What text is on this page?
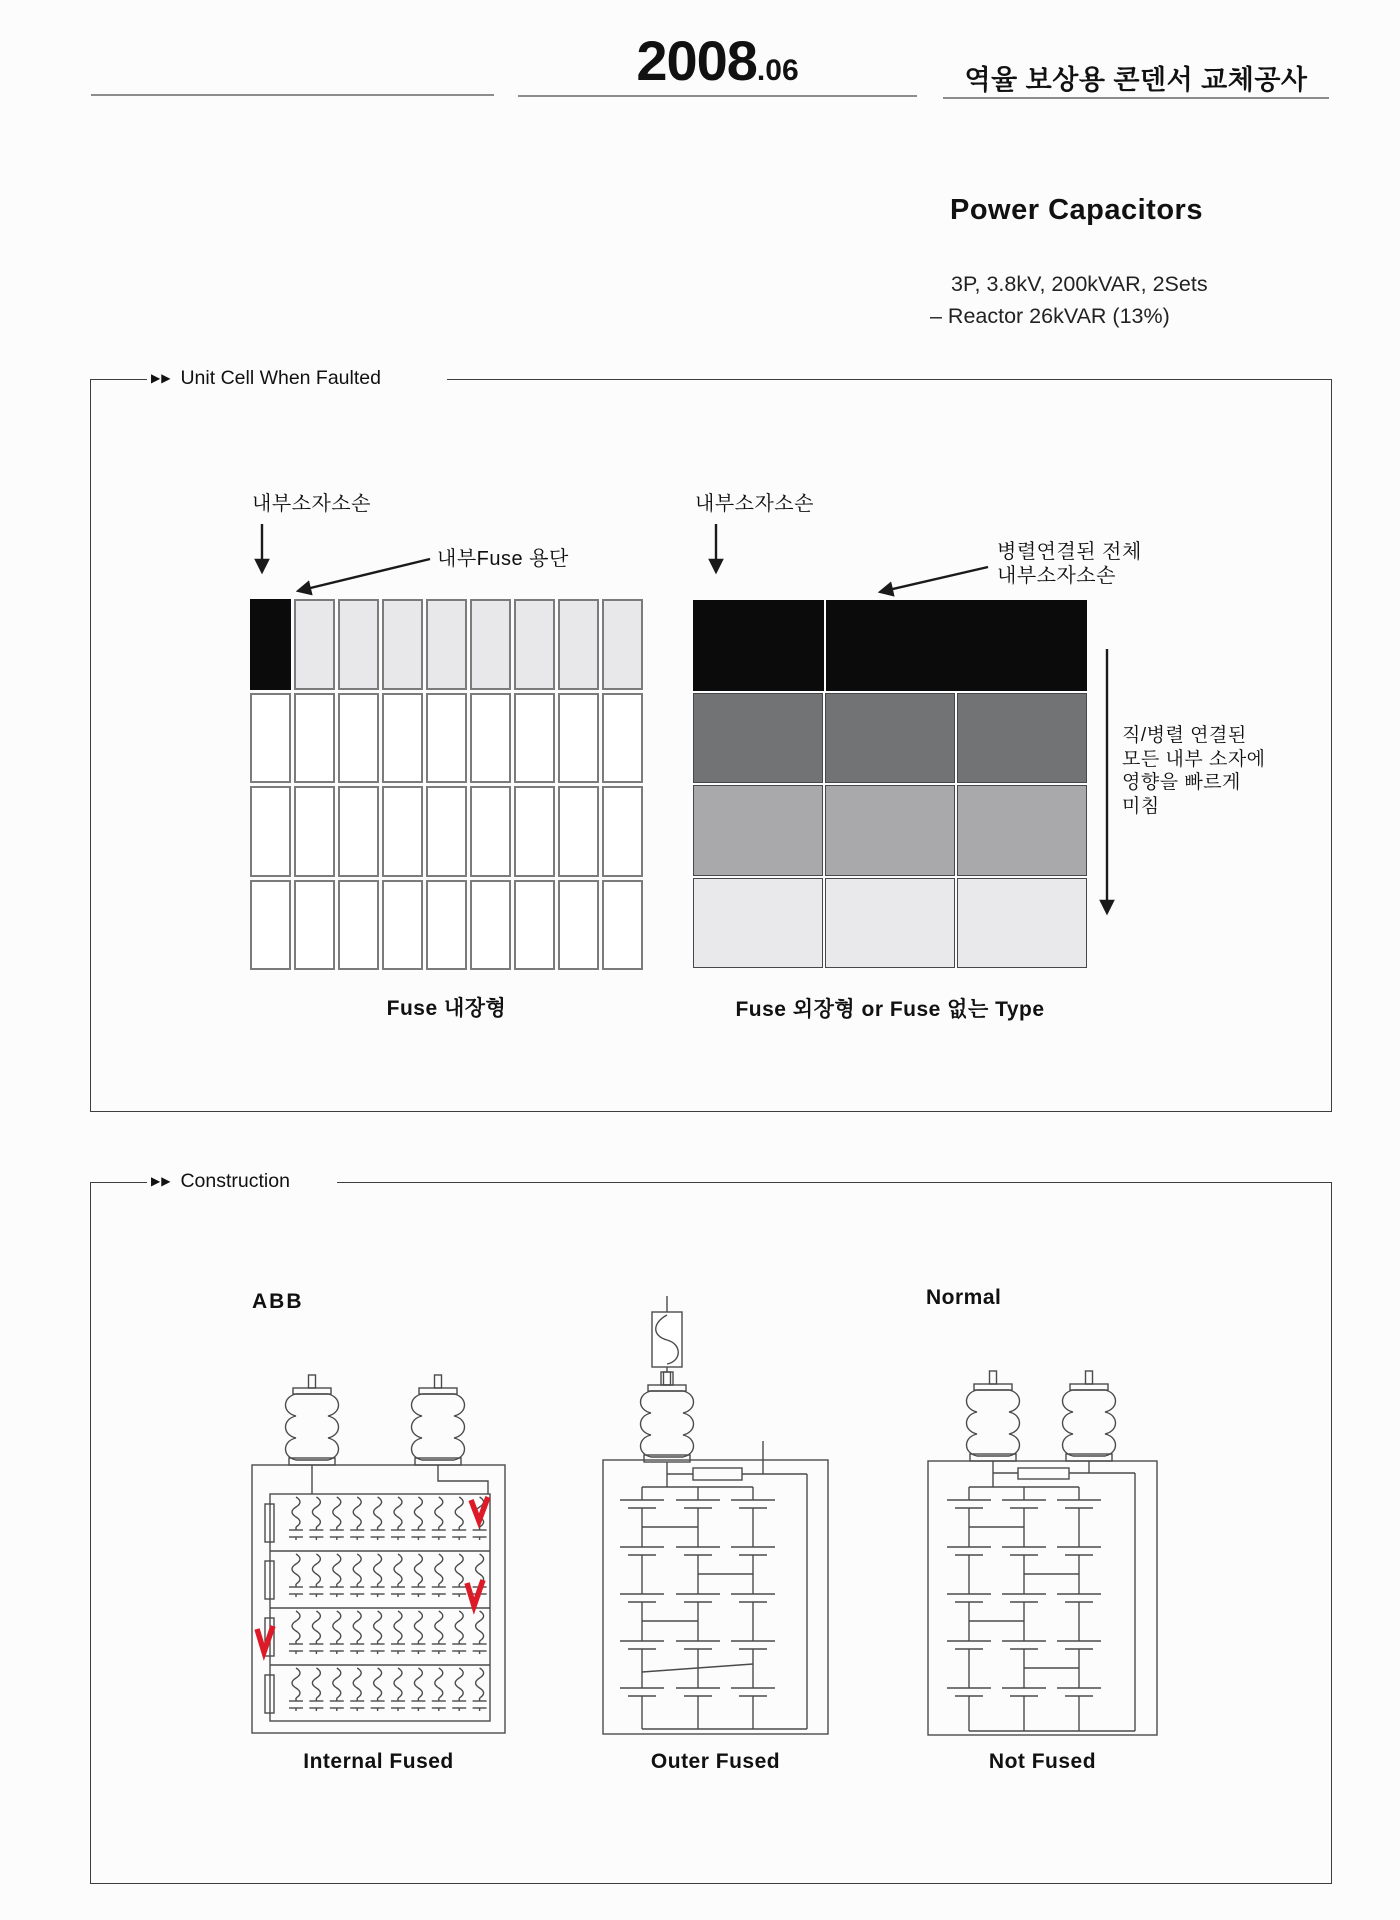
2008.06	역율 보상용 콘덴서 교체공사
Power Capacitors
3P, 3.8kV, 200kVAR, 2Sets
– Reactor 26kVAR (13%)
▶▶ Unit Cell When Faulted
내부소자소손
내부Fuse 용단
내부소자소손
병렬연결된 전체
내부소자소손
직/병렬 연결된
모든 내부 소자에
영향을 빠르게
미침
Fuse 내장형	Fuse 외장형 or Fuse 없는 Type
▶▶ Construction
ABB	Normal
Internal Fused	Outer Fused	Not Fused
